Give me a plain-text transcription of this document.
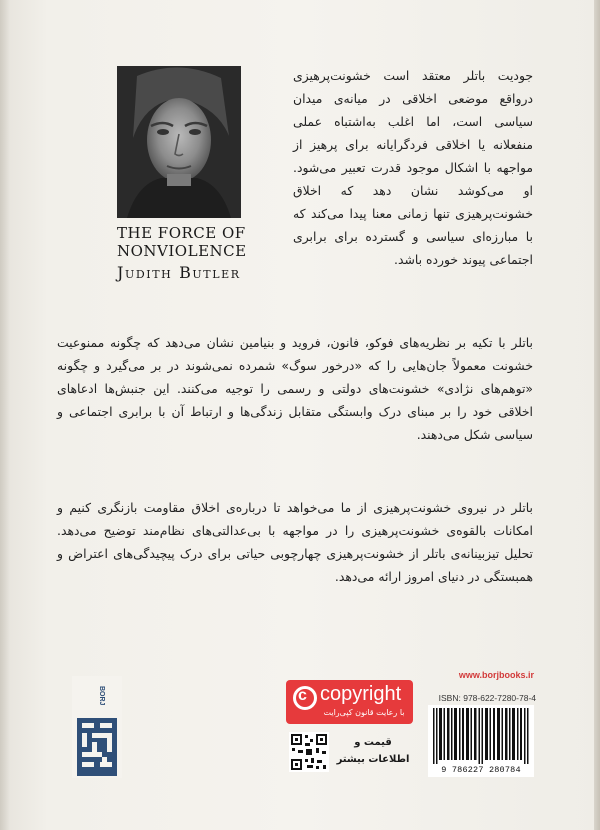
THE FORCE OF
NONVIOLENCE
Judith Butler
جودیت باتلر معتقد است خشونت‌پرهیزی درواقع موضعی اخلاقی در میانه‌ی میدان سیاسی است، اما اغلب به‌اشتباه عملی منفعلانه یا اخلاقی فردگرایانه برای پرهیز از مواجهه با اشکال موجود قدرت تعبیر می‌شود. او می‌کوشد نشان دهد که اخلاق خشونت‌پرهیزی تنها زمانی معنا پیدا می‌کند که با مبارزه‌ای سیاسی و گسترده برای برابری اجتماعی پیوند خورده باشد.
باتلر با تکیه بر نظریه‌های فوکو، فانون، فروید و بنیامین نشان می‌دهد که چگونه ممنوعیت خشونت معمولاً جان‌هایی را که «درخور سوگ» شمرده نمی‌شوند در بر می‌گیرد و چگونه «توهم‌های نژادی» خشونت‌های دولتی و رسمی را توجیه می‌کنند. این جنبش‌ها ادعاهای اخلاقی خود را بر مبنای درک وابستگی متقابل زندگی‌ها و ارتباط آن با برابری اجتماعی و سیاسی شکل می‌دهند.
باتلر در نیروی خشونت‌پرهیزی از ما می‌خواهد تا درباره‌ی اخلاق مقاومت بازنگری کنیم و امکانات بالقوه‌ی خشونت‌پرهیزی را در مواجهه با بی‌عدالتی‌های نظام‌مند توضیح می‌دهد. تحلیل تیزبینانه‌ی باتلر از خشونت‌پرهیزی چهارچوبی حیاتی برای درک پیچیدگی‌های اعتراض و همبستگی در دنیای امروز ارائه می‌دهد.
BORJ	c copyright
با رعایت قانون کپی‌رایت
قیمت و
اطلاعات بیشتر
www.borjbooks.ir
ISBN: 978-622-7280-78-4
9 786227 280784
